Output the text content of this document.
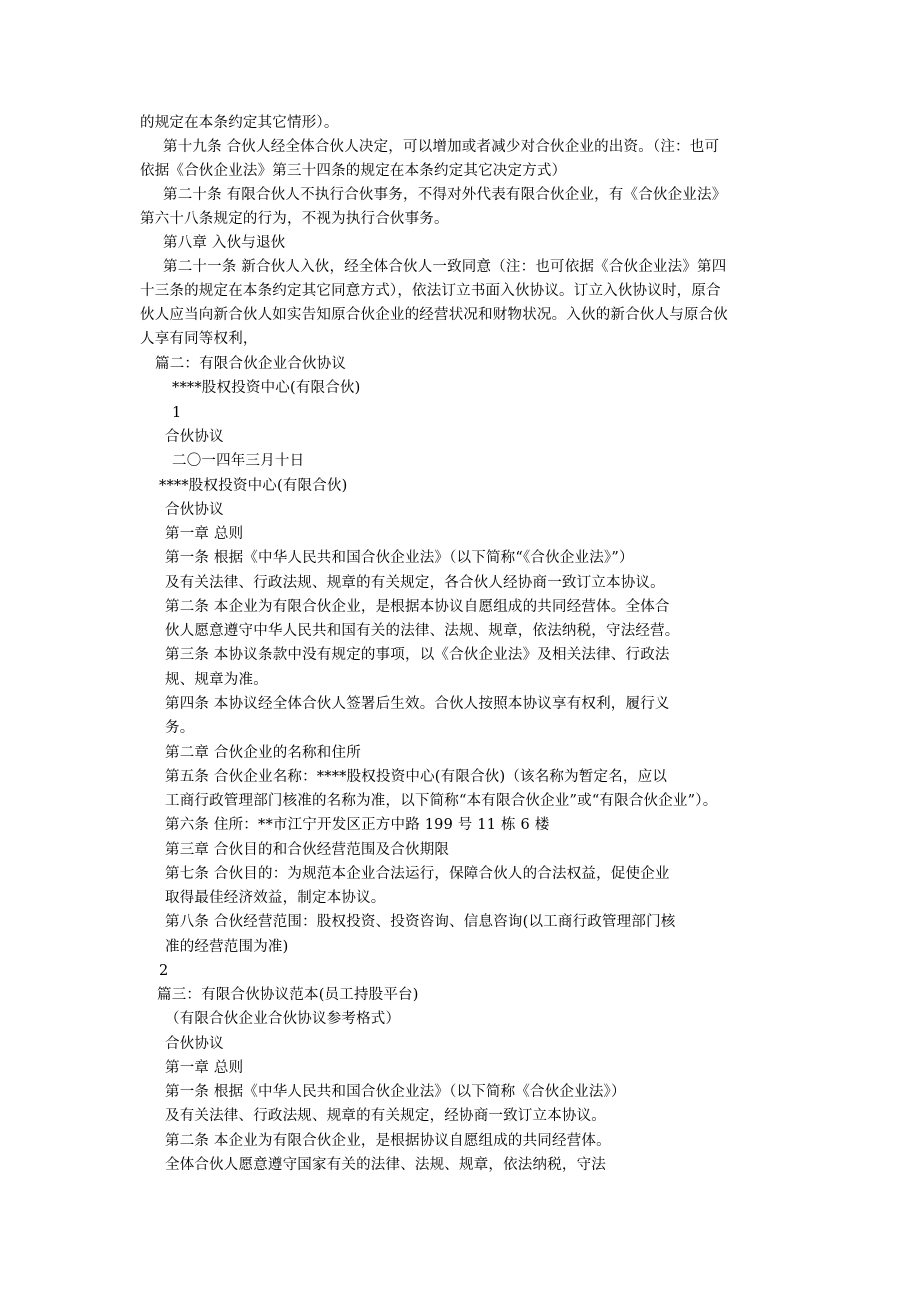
的规定在本条约定其它情形）。
第十九条 合伙人经全体合伙人决定，可以增加或者减少对合伙企业的出资。（注：也可
依据《合伙企业法》第三十四条的规定在本条约定其它决定方式）
第二十条 有限合伙人不执行合伙事务，不得对外代表有限合伙企业，有《合伙企业法》
第六十八条规定的行为，不视为执行合伙事务。
第八章 入伙与退伙
第二十一条 新合伙人入伙，经全体合伙人一致同意（注：也可依据《合伙企业法》第四
十三条的规定在本条约定其它同意方式），依法订立书面入伙协议。订立入伙协议时，原合
伙人应当向新合伙人如实告知原合伙企业的经营状况和财物状况。入伙的新合伙人与原合伙
人享有同等权利，
篇二：有限合伙企业合伙协议
****股权投资中心(有限合伙)
1
合伙协议
二〇一四年三月十日
****股权投资中心(有限合伙)
合伙协议
第一章 总则
第一条 根据《中华人民共和国合伙企业法》（以下简称“《合伙企业法》”）
及有关法律、行政法规、规章的有关规定，各合伙人经协商一致订立本协议。
第二条 本企业为有限合伙企业，是根据本协议自愿组成的共同经营体。全体合
伙人愿意遵守中华人民共和国有关的法律、法规、规章，依法纳税，守法经营。
第三条 本协议条款中没有规定的事项，以《合伙企业法》及相关法律、行政法
规、规章为准。
第四条 本协议经全体合伙人签署后生效。合伙人按照本协议享有权利，履行义
务。
第二章 合伙企业的名称和住所
第五条 合伙企业名称：****股权投资中心(有限合伙)（该名称为暂定名，应以
工商行政管理部门核准的名称为准，以下简称“本有限合伙企业”或“有限合伙企业”）。
第六条 住所：**市江宁开发区正方中路 199 号 11 栋 6 楼
第三章 合伙目的和合伙经营范围及合伙期限
第七条 合伙目的：为规范本企业合法运行，保障合伙人的合法权益，促使企业
取得最佳经济效益，制定本协议。
第八条 合伙经营范围：股权投资、投资咨询、信息咨询(以工商行政管理部门核
准的经营范围为准)
2
篇三：有限合伙协议范本(员工持股平台)
（有限合伙企业合伙协议参考格式）
合伙协议
第一章 总则
第一条 根据《中华人民共和国合伙企业法》（以下简称《合伙企业法》）
及有关法律、行政法规、规章的有关规定，经协商一致订立本协议。
第二条 本企业为有限合伙企业，是根据协议自愿组成的共同经营体。
全体合伙人愿意遵守国家有关的法律、法规、规章，依法纳税，守法
